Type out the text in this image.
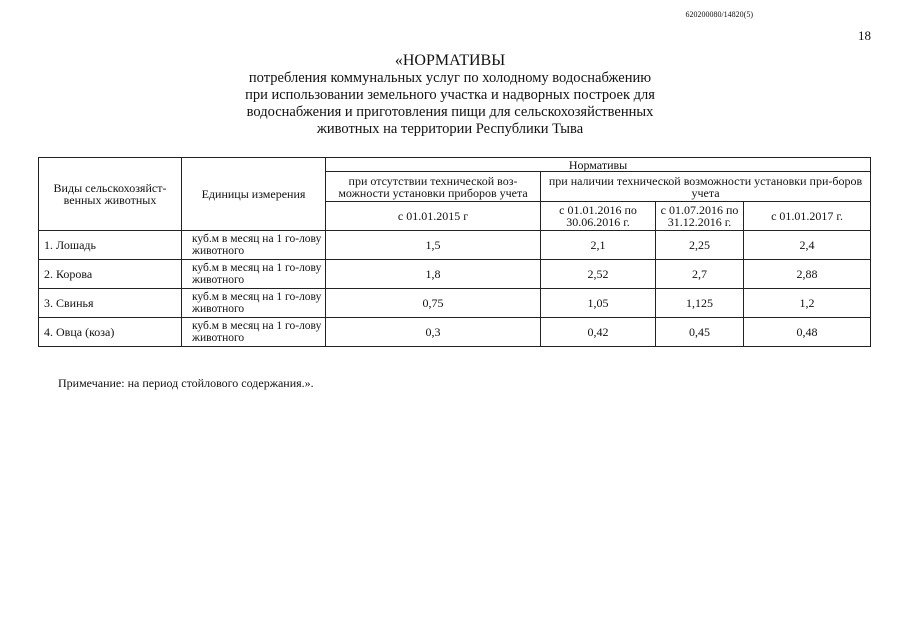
620200080/14820(5)
18
«НОРМАТИВЫ
потребления коммунальных услуг по холодному водоснабжению
при использовании земельного участка и надворных построек для
водоснабжения и приготовления пищи для сельскохозяйственных
животных на территории Республики Тыва
Виды сельскохозяйст-венных животных	Единицы измерения	Нормативы			
		при отсутствии технической воз-можности установки приборов учета	при наличии технической возможности установки при-боров учета		
		с 01.01.2015 г	с 01.01.2016 по 30.06.2016 г.	с 01.07.2016 по 31.12.2016 г.	с 01.01.2017 г.
1. Лошадь	куб.м в месяц на 1 го-лову животного	1,5	2,1	2,25	2,4
2. Корова	куб.м в месяц на 1 го-лову животного	1,8	2,52	2,7	2,88
3. Свинья	куб.м в месяц на 1 го-лову животного	0,75	1,05	1,125	1,2
4. Овца (коза)	куб.м в месяц на 1 го-лову животного	0,3	0,42	0,45	0,48
Примечание: на период стойлового содержания.».
